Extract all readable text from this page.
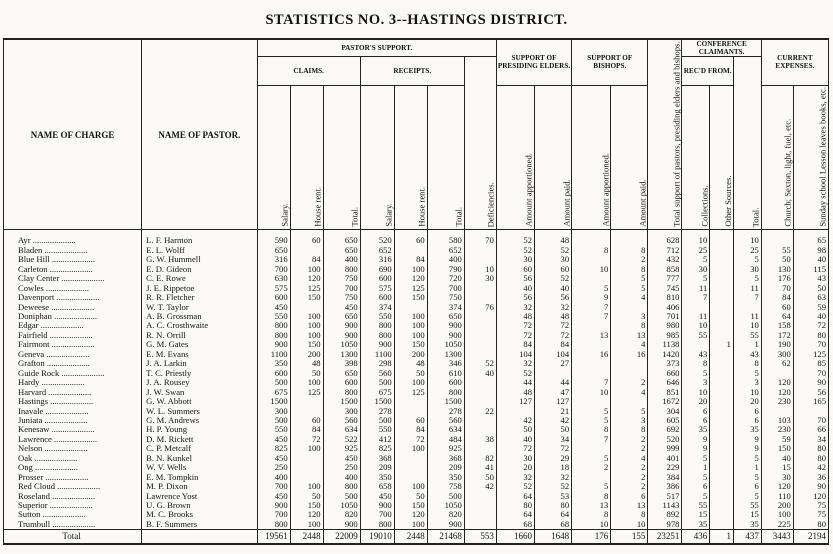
STATISTICS NO. 3--HASTINGS DISTRICT.
NAME OF CHARGE	NAME OF PASTOR.	PASTOR'S SUPPORT.							SUPPORT OF PRESIDING ELDERS.		SUPPORT OF BISHOPS.		Total support of pastors, presiding elders and bishops.	CONFERENCE CLAIMANTS.			CURRENT EXPENSES.	
		CLAIMS.			RECEIPTS.			Deficiencies.						REC'D FROM.		Total.		
		Salary.	House rent.	Total.	Salary.	House rent.	Total.		Amount apportioned.	Amount paid.	Amount apportioned.	Amount paid.		Collections.	Other Sources.		Church; Sexton, light, fuel, etc.	Sunday school Lesson leaves books, etc.
Ayr ....................	L. F. Harmon	590	60	650	520	60	580	70	52	48			628	10		10		65
Bladen ....................	E. L. Wolff	650		650	652		652		52	52	8	8	712	25		25	55	98
Blue Hill ....................	G. W. Hummell	316	84	400	316	84	400		30	30		2	432	5		5	50	40
Carleton ....................	E. D. Gideon	700	100	800	690	100	790	10	60	60	10	8	858	30		30	130	115
Clay Center ....................	C. E. Rowe	630	120	750	600	120	720	30	56	52		5	777	5		5	176	43
Cowles ....................	J. E. Rippetoe	575	125	700	575	125	700		40	40	5	5	745	11		11	70	50
Davenport ....................	R. R. Fletcher	600	150	750	600	150	750		56	56	9	4	810	7		7	84	63
Deweese ....................	W. T. Taylor	450		450	374		374	76	32	32	7		406				60	59
Doniphan ....................	A. B. Grossman	550	100	650	550	100	650		48	48	7	3	701	11		11	64	40
Edgar ....................	A. C. Crosthwaite	800	100	900	800	100	900		72	72		8	980	10		10	158	72
Fairfield ....................	R. N. Orrill	800	100	900	800	100	900		72	72	13	13	985	55		55	172	80
Fairmont ....................	G. M. Gates	900	150	1050	900	150	1050		84	84		4	1138		1	1	190	70
Geneva ....................	E. M. Evans	1100	200	1300	1100	200	1300		104	104	16	16	1420	43		43	300	125
Grafton ....................	J. A. Larkin	350	48	398	298	48	346	52	32	27			373	8		8	62	85
Guide Rock ....................	T. C. Priestly	600	50	650	560	50	610	40	52				660	5		5		70
Hardy ....................	J. A. Rousey	500	100	600	500	100	600		44	44	7	2	646	3		3	120	90
Harvard ....................	J. W. Swan	675	125	800	675	125	800		48	47	10	4	851	10		10	120	56
Hastings ....................	G. W. Abbott	1500		1500	1500		1500		127	127			1672	20		20	230	165
Inavale ....................	W. L. Summers	300		300	278		278	22		21	5	5	304	6		6		
Juniata ....................	G. M. Andrews	500	60	560	500	60	560		42	42	5	3	605	6		6	103	70
Kenesaw ....................	H. P. Young	550	84	634	550	84	634		50	50	8	8	692	35		35	230	66
Lawrence ....................	D. M. Rickett	450	72	522	412	72	484	38	40	34	7	2	520	9		9	59	34
Nelson ....................	C. P. Metcalf	825	100	925	825	100	925		72	72		2	999	9		9	150	80
Oak ....................	B. N. Kunkel	450		450	368		368	82	30	29	5	4	401	5		5	40	80
Ong ....................	W. V. Wells	250		250	209		209	41	20	18	2	2	229	1		1	15	42
Prosser ....................	E. M. Tompkin	400		400	350		350	50	32	32		2	384	5		5	30	36
Red Cloud ....................	M. P. Dixon	700	100	800	658	100	758	42	52	52	5	2	386	6		6	120	90
Roseland ....................	Lawrence Yost	450	50	500	450	50	500		64	53	8	6	517	5		5	110	120
Superior ....................	U. G. Brown	900	150	1050	900	150	1050		80	80	13	13	1143	55		55	200	75
Sutton ....................	M. C. Brooks	700	120	820	700	120	820		64	64	8	8	892	15		15	100	75
Trumbull ....................	B. F. Summers	800	100	900	800	100	900		68	68	10	10	978	35		35	225	80
Total		19561	2448	22009	19010	2448	21468	553	1660	1648	176	155	23251	436	1	437	3443	2194
